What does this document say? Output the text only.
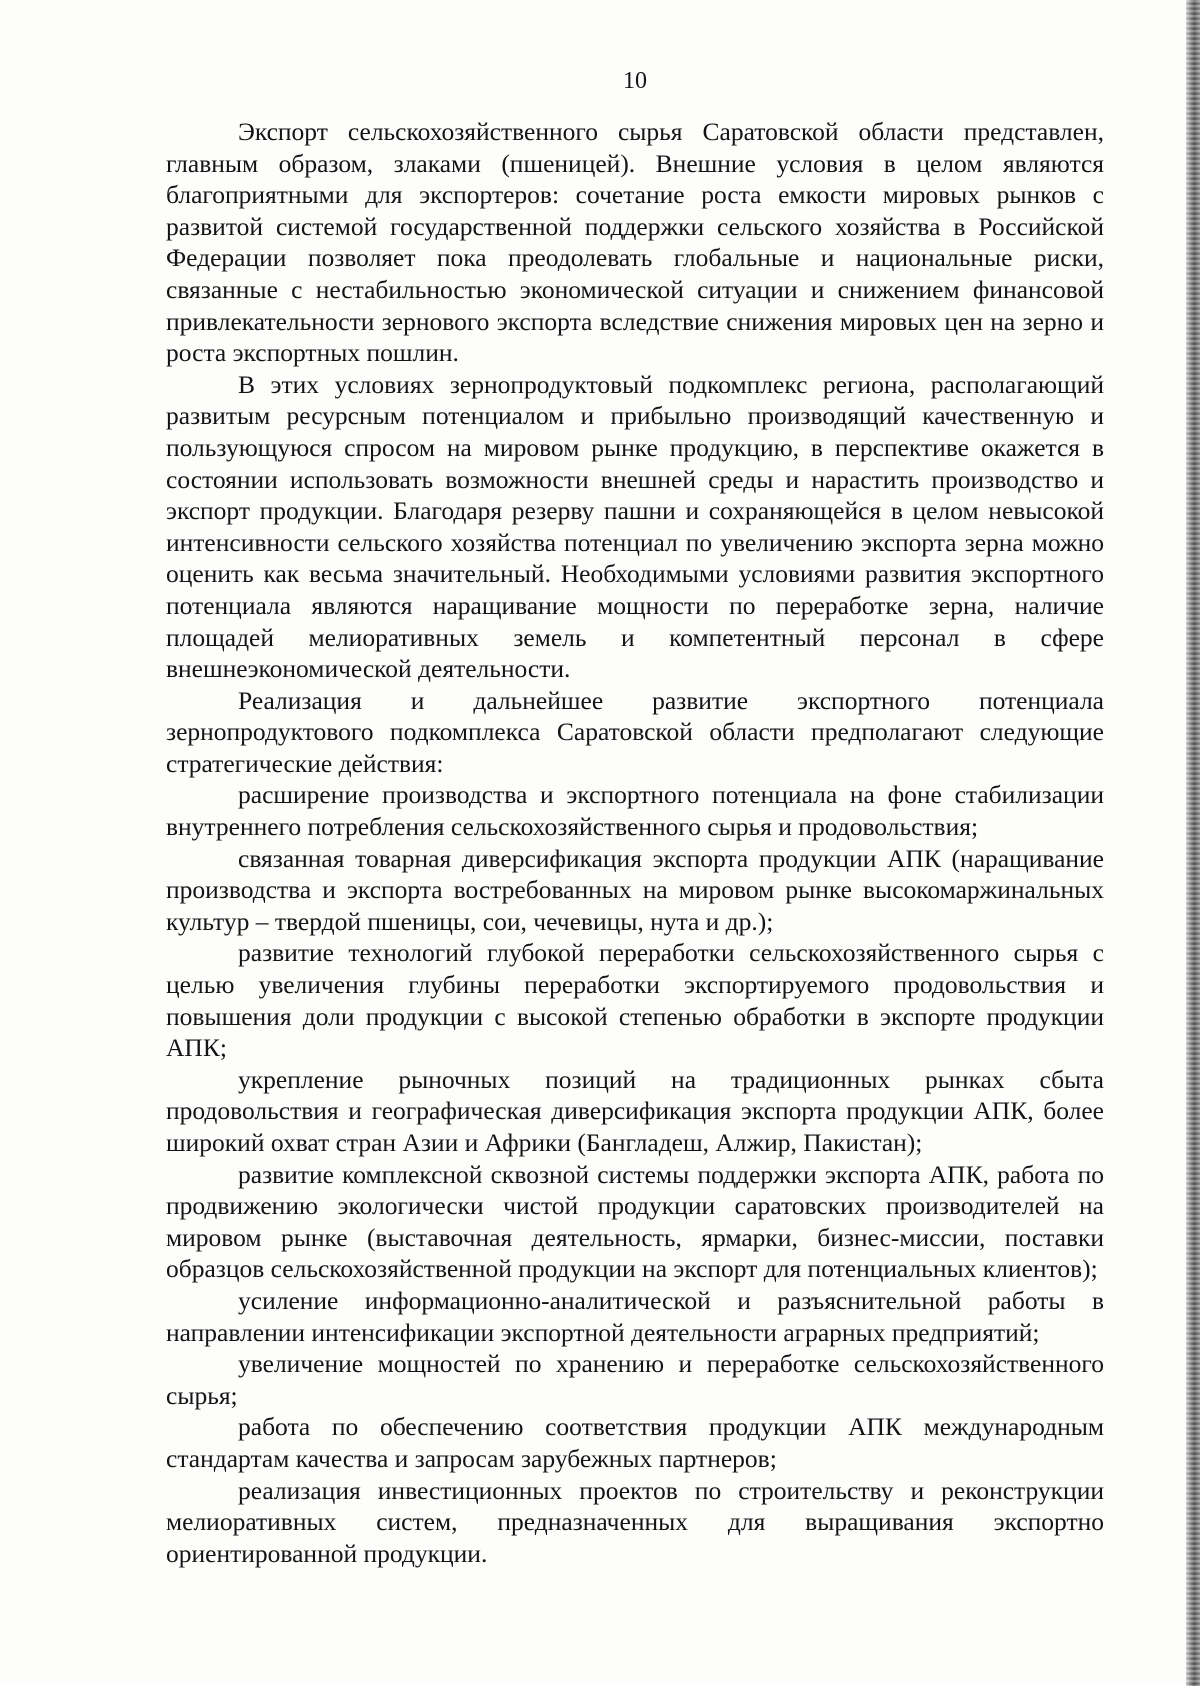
10

Экспорт сельскохозяйственного сырья Саратовской области представлен, главным образом, злаками (пшеницей). Внешние условия в целом являются благоприятными для экспортеров: сочетание роста емкости мировых рынков с развитой системой государственной поддержки сельского хозяйства в Российской Федерации позволяет пока преодолевать глобальные и национальные риски, связанные с нестабильностью экономической ситуации и снижением финансовой привлекательности зернового экспорта вследствие снижения мировых цен на зерно и роста экспортных пошлин.

В этих условиях зернопродуктовый подкомплекс региона, располагающий развитым ресурсным потенциалом и прибыльно производящий качественную и пользующуюся спросом на мировом рынке продукцию, в перспективе окажется в состоянии использовать возможности внешней среды и нарастить производство и экспорт продукции. Благодаря резерву пашни и сохраняющейся в целом невысокой интенсивности сельского хозяйства потенциал по увеличению экспорта зерна можно оценить как весьма значительный. Необходимыми условиями развития экспортного потенциала являются наращивание мощности по переработке зерна, наличие площадей мелиоративных земель и компетентный персонал в сфере внешнеэкономической деятельности.

Реализация и дальнейшее развитие экспортного потенциала зернопродуктового подкомплекса Саратовской области предполагают следующие стратегические действия:

расширение производства и экспортного потенциала на фоне стабилизации внутреннего потребления сельскохозяйственного сырья и продовольствия;

связанная товарная диверсификация экспорта продукции АПК (наращивание производства и экспорта востребованных на мировом рынке высокомаржинальных культур – твердой пшеницы, сои, чечевицы, нута и др.);

развитие технологий глубокой переработки сельскохозяйственного сырья с целью увеличения глубины переработки экспортируемого продовольствия и повышения доли продукции с высокой степенью обработки в экспорте продукции АПК;

укрепление рыночных позиций на традиционных рынках сбыта продовольствия и географическая диверсификация экспорта продукции АПК, более широкий охват стран Азии и Африки (Бангладеш, Алжир, Пакистан);

развитие комплексной сквозной системы поддержки экспорта АПК, работа по продвижению экологически чистой продукции саратовских производителей на мировом рынке (выставочная деятельность, ярмарки, бизнес-миссии, поставки образцов сельскохозяйственной продукции на экспорт для потенциальных клиентов);

усиление информационно-аналитической и разъяснительной работы в направлении интенсификации экспортной деятельности аграрных предприятий;

увеличение мощностей по хранению и переработке сельскохозяйственного сырья;

работа по обеспечению соответствия продукции АПК международным стандартам качества и запросам зарубежных партнеров;

реализация инвестиционных проектов по строительству и реконструкции мелиоративных систем, предназначенных для выращивания экспортно ориентированной продукции.
